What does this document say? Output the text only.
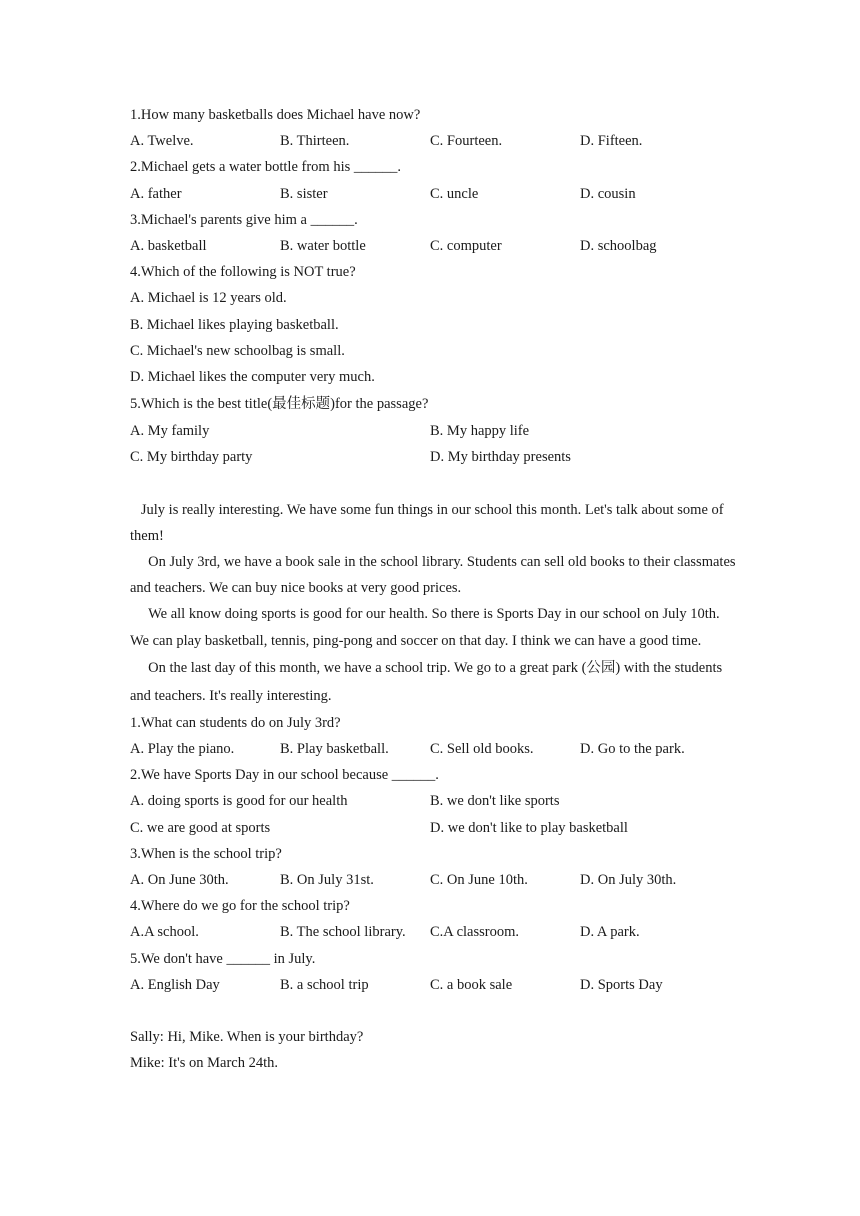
1.How many basketballs does Michael have now?
A. Twelve.	B. Thirteen.	C. Fourteen.	D. Fifteen.
2.Michael gets a water bottle from his ______.
A. father	B. sister	C. uncle	D. cousin
3.Michael's parents give him a ______.
A. basketball	B. water bottle	C. computer	D. schoolbag
4.Which of the following is NOT true?
A. Michael is 12 years old.
B. Michael likes playing basketball.
C. Michael's new schoolbag is small.
D. Michael likes the computer very much.
5.Which is the best title(最佳标题)for the passage?
A. My family	B. My happy life
C. My birthday party	D. My birthday presents
July is really interesting. We have some fun things in our school this month. Let's talk about some of them!
On July 3rd, we have a book sale in the school library. Students can sell old books to their classmates and teachers. We can buy nice books at very good prices.
We all know doing sports is good for our health. So there is Sports Day in our school on July 10th. We can play basketball, tennis, ping-pong and soccer on that day. I think we can have a good time.
On the last day of this month, we have a school trip. We go to a great park (公园) with the students and teachers. It's really interesting.
1.What can students do on July 3rd?
A. Play the piano.	B. Play basketball.	C. Sell old books.	D. Go to the park.
2.We have Sports Day in our school because ______.
A. doing sports is good for our health	B. we don't like sports
C. we are good at sports	D. we don't like to play basketball
3.When is the school trip?
A. On June 30th.	B. On July 31st.	C. On June 10th.	D. On July 30th.
4.Where do we go for the school trip?
A.A school.	B. The school library.	C.A classroom.	D. A park.
5.We don't have ______ in July.
A. English Day	B. a school trip	C. a book sale	D. Sports Day
Sally: Hi, Mike. When is your birthday?
Mike: It's on March 24th.
